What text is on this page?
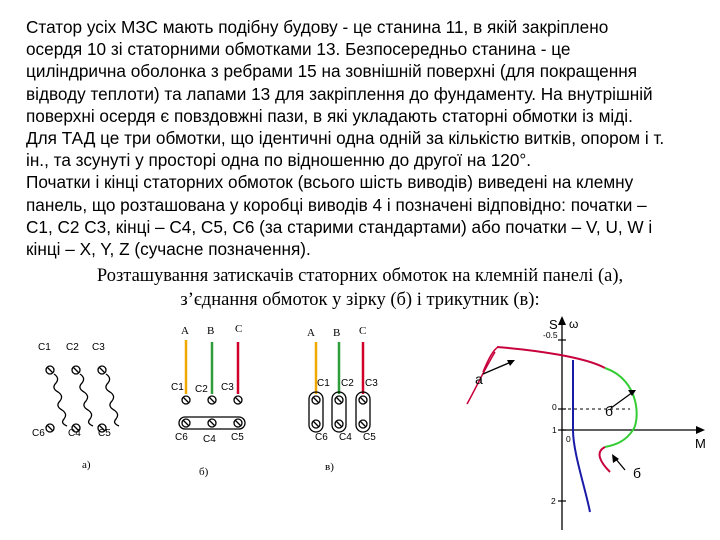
Статор усіх МЗС мають подібну будову - це станина 11, в якій закріплено
осердя 10 зі статорними обмотками 13. Безпосередньо станина - це
циліндрична оболонка з ребрами 15 на зовнішній поверхні (для покращення
відводу теплоти) та лапами 13 для закріплення до фундаменту. На внутрішній
поверхні осердя є повздовжні пази, в які укладають статорні обмотки із міді.
Для ТАД це три обмотки, що ідентичні одна одній за кількістю витків, опором і т.
ін., та зсунуті у просторі одна по відношенню до другої на 120°.
Початки і кінці статорних обмоток (всього шість виводів) виведені на клемну
панель, що розташована у коробці виводів 4 і позначені відповідно: початки –
С1, С2 С3, кінці – С4, С5, С6 (за старими стандартами) або початки – V, U, W і
кінці – X, Y, Z (сучасне позначення).
Розташування затискачів статорних обмоток на клемній панелі (а),
з’єднання обмоток у зірку (б) і трикутник (в):
С1 С2 С3
С6 С4 С5
а)
A B C
С1 С2 С3
С6 С4 С5
б)
A B C
С1 С2 С3
С6 С4 С5
в)
S ω
M
-0.5
0
1
0
2
а
б
б
